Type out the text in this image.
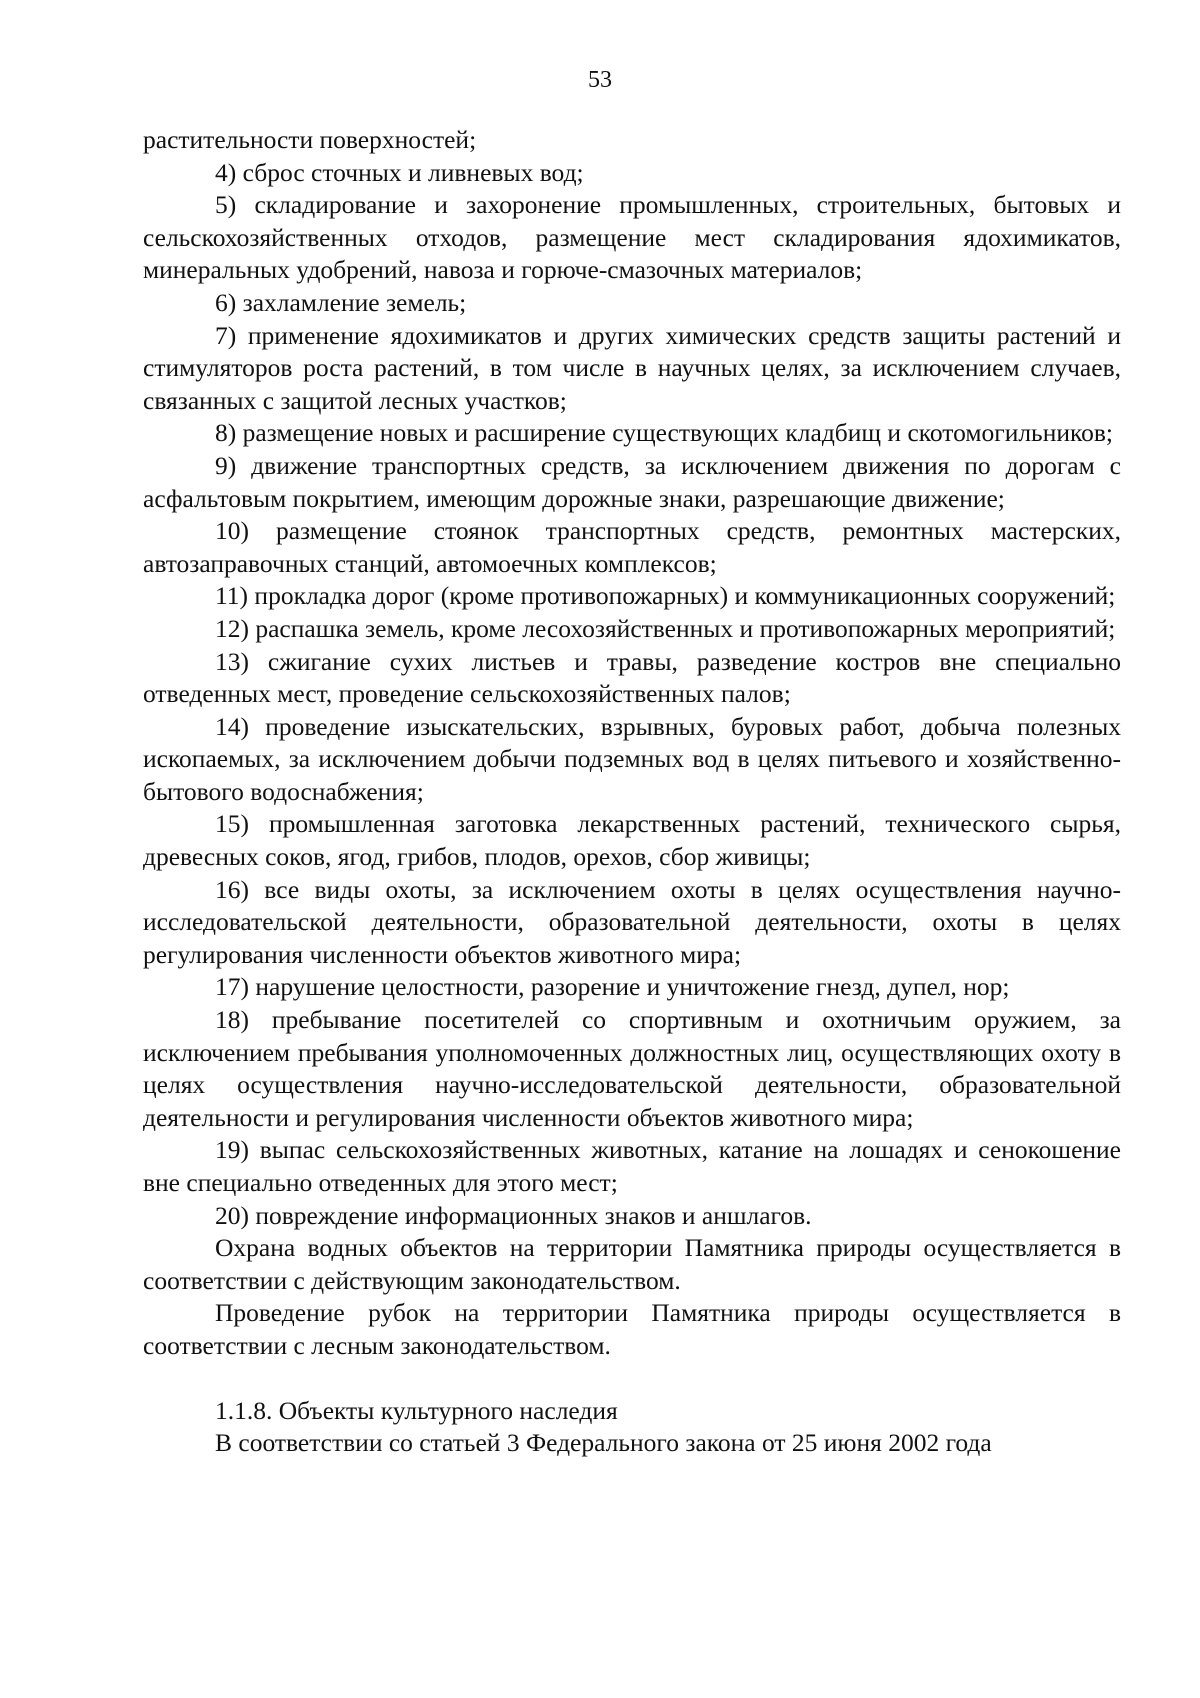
53

растительности поверхностей;

4) сброс сточных и ливневых вод;

5) складирование и захоронение промышленных, строительных, бытовых и сельскохозяйственных отходов, размещение мест складирования ядохимикатов, минеральных удобрений, навоза и горюче-смазочных материалов;

6) захламление земель;

7) применение ядохимикатов и других химических средств защиты растений и стимуляторов роста растений, в том числе в научных целях, за исключением случаев, связанных с защитой лесных участков;

8) размещение новых и расширение существующих кладбищ и скотомогильников;

9) движение транспортных средств, за исключением движения по дорогам с асфальтовым покрытием, имеющим дорожные знаки, разрешающие движение;

10) размещение стоянок транспортных средств, ремонтных мастерских, автозаправочных станций, автомоечных комплексов;

11) прокладка дорог (кроме противопожарных) и коммуникационных сооружений;

12) распашка земель, кроме лесохозяйственных и противопожарных мероприятий;

13) сжигание сухих листьев и травы, разведение костров вне специально отведенных мест, проведение сельскохозяйственных палов;

14) проведение изыскательских, взрывных, буровых работ, добыча полезных ископаемых, за исключением добычи подземных вод в целях питьевого и хозяйственно-бытового водоснабжения;

15) промышленная заготовка лекарственных растений, технического сырья, древесных соков, ягод, грибов, плодов, орехов, сбор живицы;

16) все виды охоты, за исключением охоты в целях осуществления научно-исследовательской деятельности, образовательной деятельности, охоты в целях регулирования численности объектов животного мира;

17) нарушение целостности, разорение и уничтожение гнезд, дупел, нор;

18) пребывание посетителей со спортивным и охотничьим оружием, за исключением пребывания уполномоченных должностных лиц, осуществляющих охоту в целях осуществления научно-исследовательской деятельности, образовательной деятельности и регулирования численности объектов животного мира;

19) выпас сельскохозяйственных животных, катание на лошадях и сенокошение вне специально отведенных для этого мест;

20) повреждение информационных знаков и аншлагов.

Охрана водных объектов на территории Памятника природы осуществляется в соответствии с действующим законодательством.

Проведение рубок на территории Памятника природы осуществляется в соответствии с лесным законодательством.

1.1.8. Объекты культурного наследия

В соответствии со статьей 3 Федерального закона от 25 июня 2002 года
